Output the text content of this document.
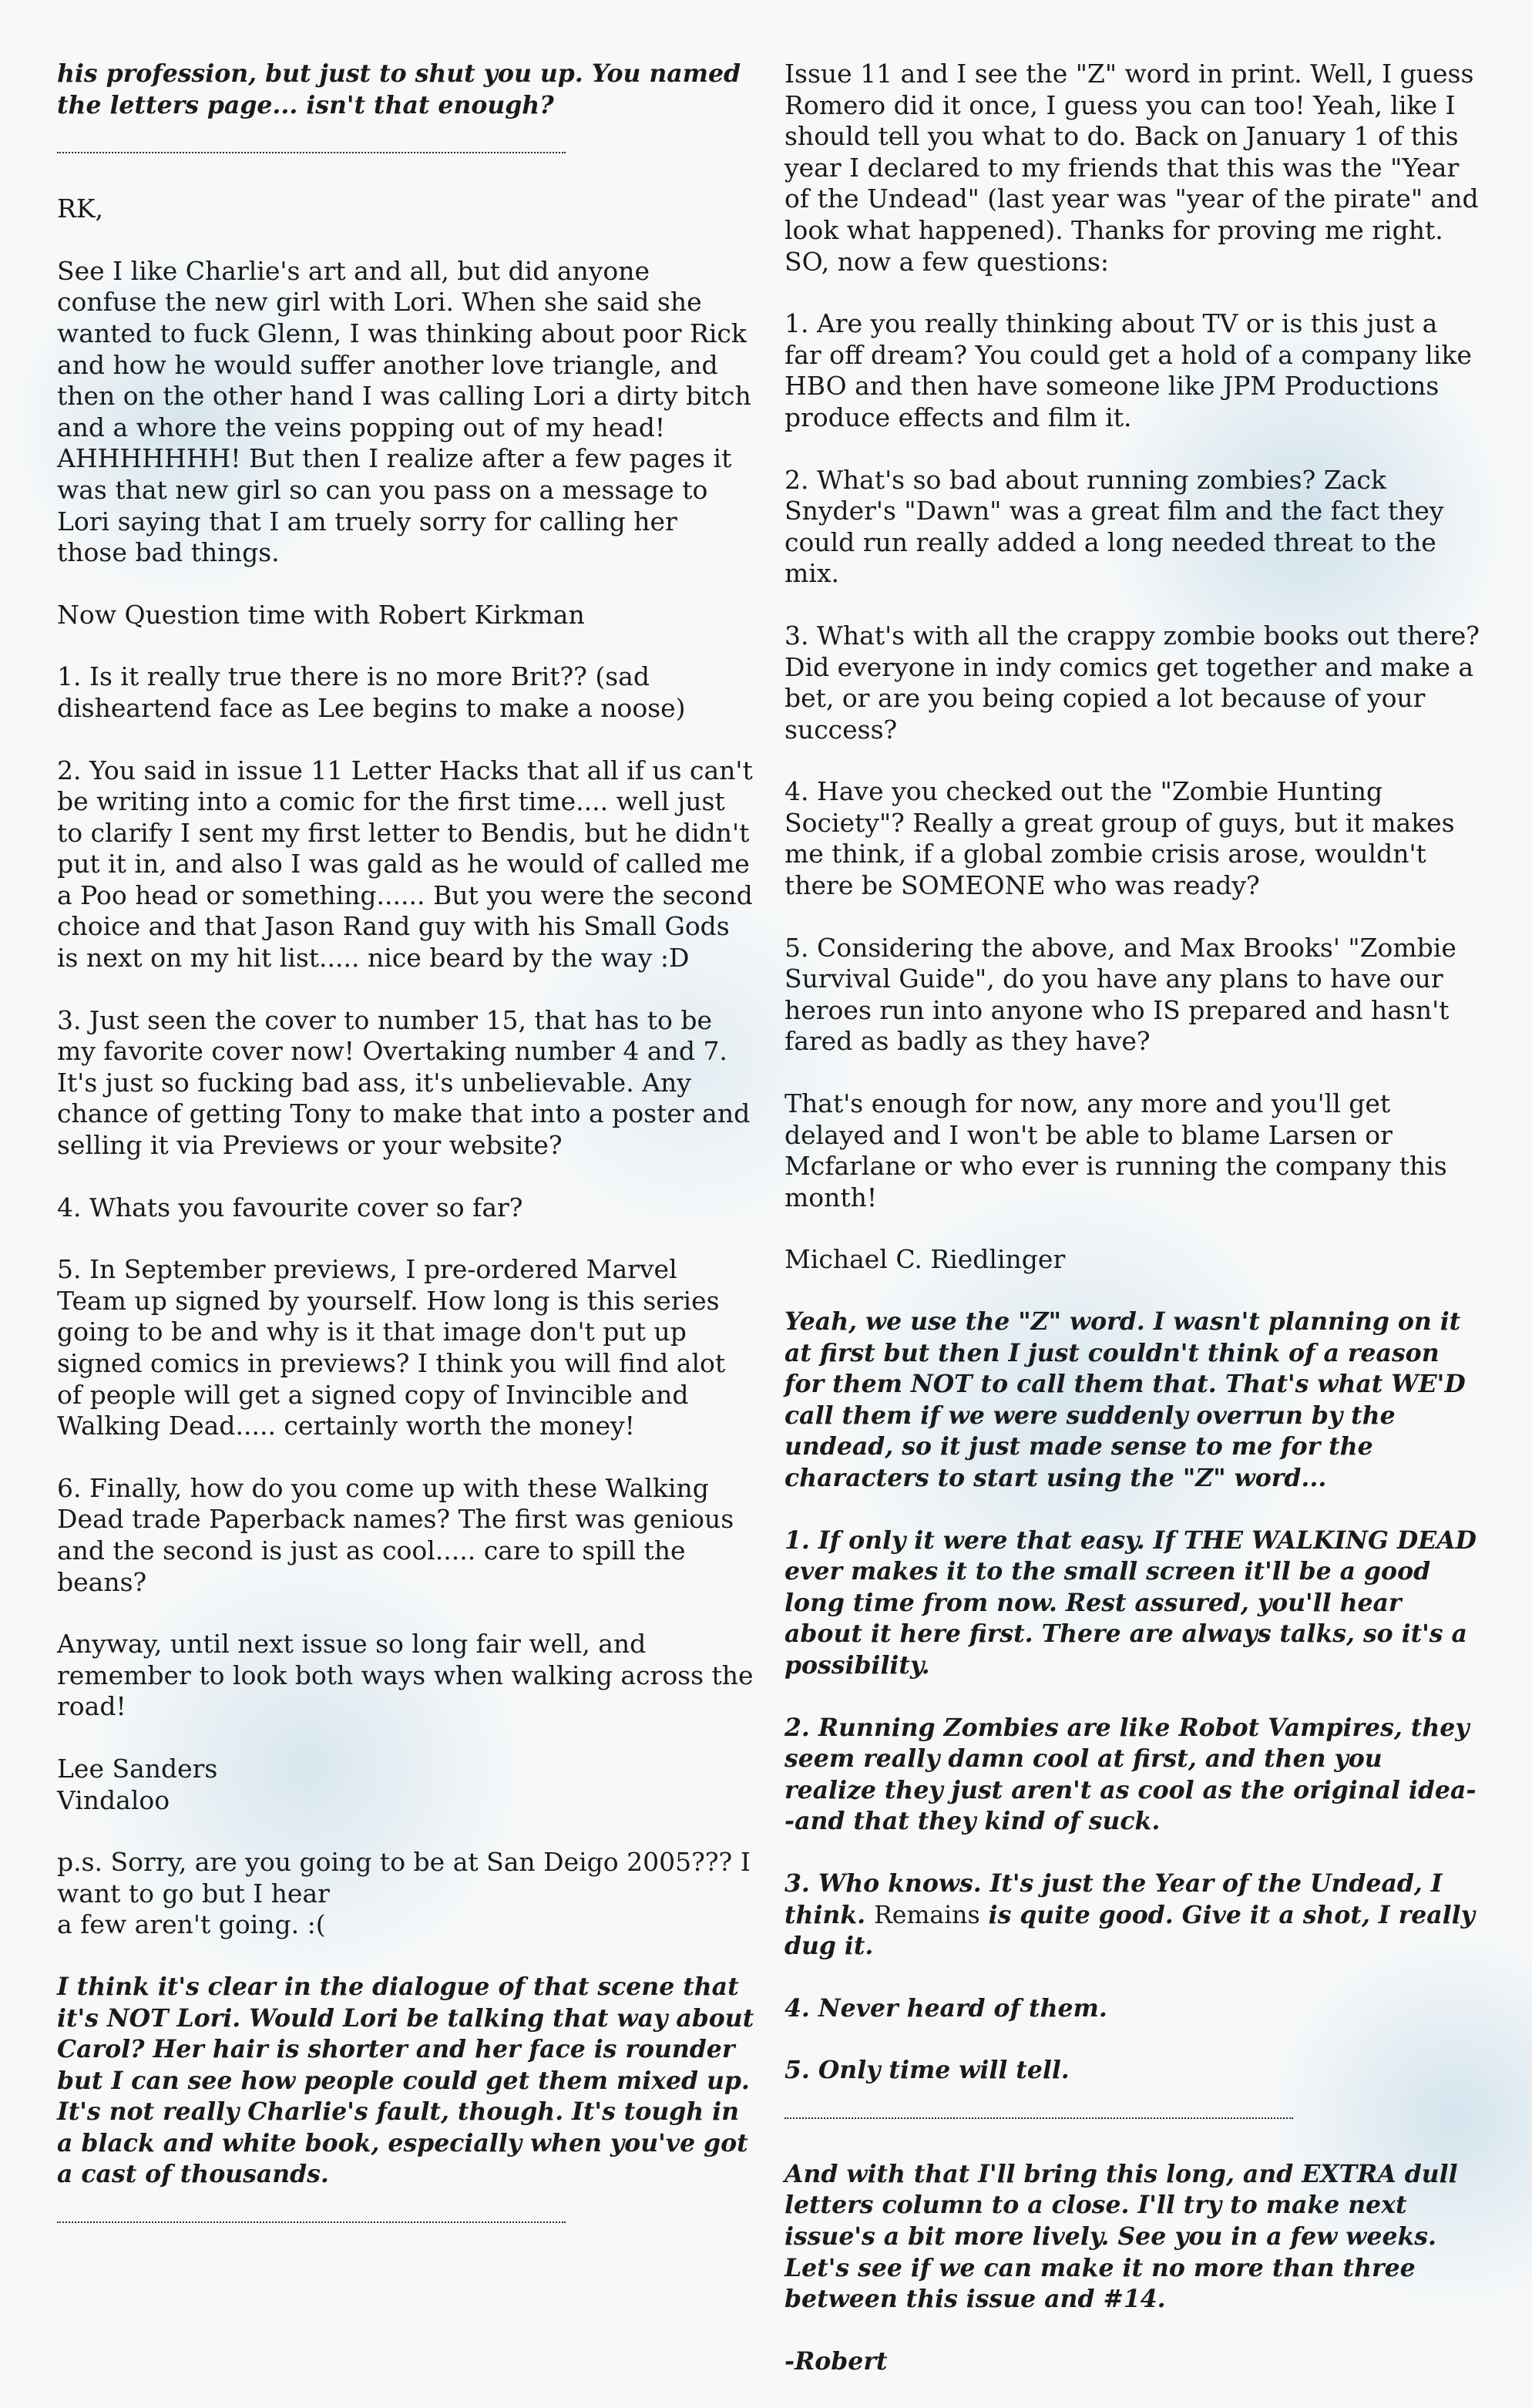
his profession, but just to shut you up. You named the letters page... isn't that enough?

RK,

See I like Charlie's art and all, but did anyone confuse the new girl with Lori. When she said she wanted to fuck Glenn, I was thinking about poor Rick and how he would suffer another love triangle, and then on the other hand I was calling Lori a dirty bitch and a whore the veins popping out of my head! AHHHHHHH! But then I realize after a few pages it was that new girl so can you pass on a message to Lori saying that I am truely sorry for calling her those bad things.

Now Question time with Robert Kirkman

1. Is it really true there is no more Brit?? (sad disheartend face as Lee begins to make a noose)

2. You said in issue 11 Letter Hacks that all if us can't be writing into a comic for the first time.... well just to clarify I sent my first letter to Bendis, but he didn't put it in, and also I was gald as he would of called me a Poo head or something...... But you were the second choice and that Jason Rand guy with his Small Gods is next on my hit list..... nice beard by the way :D

3. Just seen the cover to number 15, that has to be my favorite cover now! Overtaking number 4 and 7. It's just so fucking bad ass, it's unbelievable. Any chance of getting Tony to make that into a poster and selling it via Previews or your website?

4. Whats you favourite cover so far?

5. In September previews, I pre-ordered Marvel Team up signed by yourself. How long is this series going to be and why is it that image don't put up signed comics in previews? I think you will find alot of people will get a signed copy of Invincible and Walking Dead..... certainly worth the money!

6. Finally, how do you come up with these Walking Dead trade Paperback names? The first was genious and the second is just as cool..... care to spill the beans?

Anyway, until next issue so long fair well, and remember to look both ways when walking across the road!

Lee Sanders

Vindaloo

p.s. Sorry, are you going to be at San Deigo 2005??? I want to go but I hear
a few aren't going. :(

I think it's clear in the dialogue of that scene that it's NOT Lori. Would Lori be talking that way about Carol? Her hair is shorter and her face is rounder but I can see how people could get them mixed up. It's not really Charlie's fault, though. It's tough in a black and white book, especially when you've got a cast of thousands.

Issue 11 and I see the "Z" word in print. Well, I guess Romero did it once, I guess you can too! Yeah, like I should tell you what to do. Back on January 1 of this year I declared to my friends that this was the "Year of the Undead" (last year was "year of the pirate" and look what happened). Thanks for proving me right. SO, now a few questions:

1. Are you really thinking about TV or is this just a far off dream? You could get a hold of a company like HBO and then have someone like JPM Productions produce effects and film it.

2. What's so bad about running zombies? Zack Snyder's "Dawn" was a great film and the fact they could run really added a long needed threat to the mix.

3. What's with all the crappy zombie books out there? Did everyone in indy comics get together and make a bet, or are you being copied a lot because of your success?

4. Have you checked out the "Zombie Hunting Society"? Really a great group of guys, but it makes me think, if a global zombie crisis arose, wouldn't there be SOMEONE who was ready?

5. Considering the above, and Max Brooks' "Zombie Survival Guide", do you have any plans to have our heroes run into anyone who IS prepared and hasn't fared as badly as they have?

That's enough for now, any more and you'll get delayed and I won't be able to blame Larsen or Mcfarlane or who ever is running the company this month!

Michael C. Riedlinger

Yeah, we use the "Z" word. I wasn't planning on it at first but then I just couldn't think of a reason for them NOT to call them that. That's what WE'D call them if we were suddenly overrun by the undead, so it just made sense to me for the characters to start using the "Z" word...

1. If only it were that easy. If THE WALKING DEAD ever makes it to the small screen it'll be a good long time from now. Rest assured, you'll hear about it here first. There are always talks, so it's a possibility.

2. Running Zombies are like Robot Vampires, they seem really damn cool at first, and then you realize they just aren't as cool as the original idea--and that they kind of suck.

3. Who knows. It's just the Year of the Undead, I think. Remains is quite good. Give it a shot, I really dug it.

4. Never heard of them.

5. Only time will tell.

And with that I'll bring this long, and EXTRA dull letters column to a close. I'll try to make next issue's a bit more lively. See you in a few weeks. Let's see if we can make it no more than three between this issue and #14.

-Robert
